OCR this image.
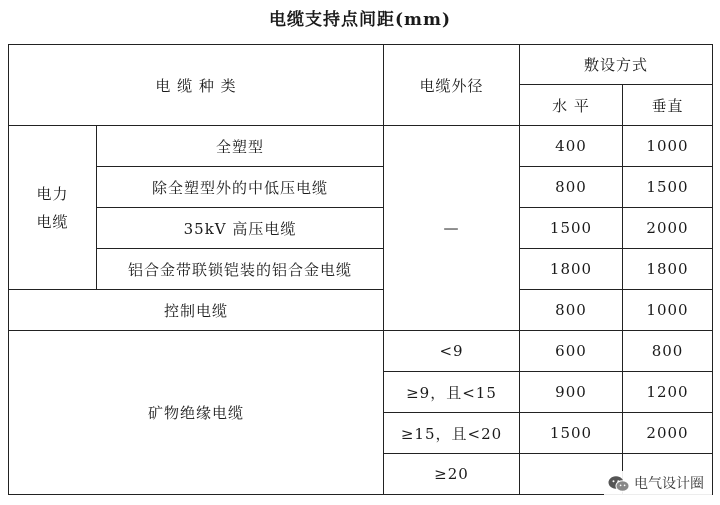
电缆支持点间距(mm)
电 缆 种 类		电缆外径	敷设方式	
			水 平	垂直
电力
电缆	全塑型	—	400	1000
	除全塑型外的中低压电缆		800	1500
	35kV 高压电缆		1500	2000
	铝合金带联锁铠装的铝合金电缆		1800	1800
控制电缆			800	1000
矿物绝缘电缆		<9	600	800
		≥9，且<15	900	1200
		≥15，且<20	1500	2000
		≥20		
电气设计圈
